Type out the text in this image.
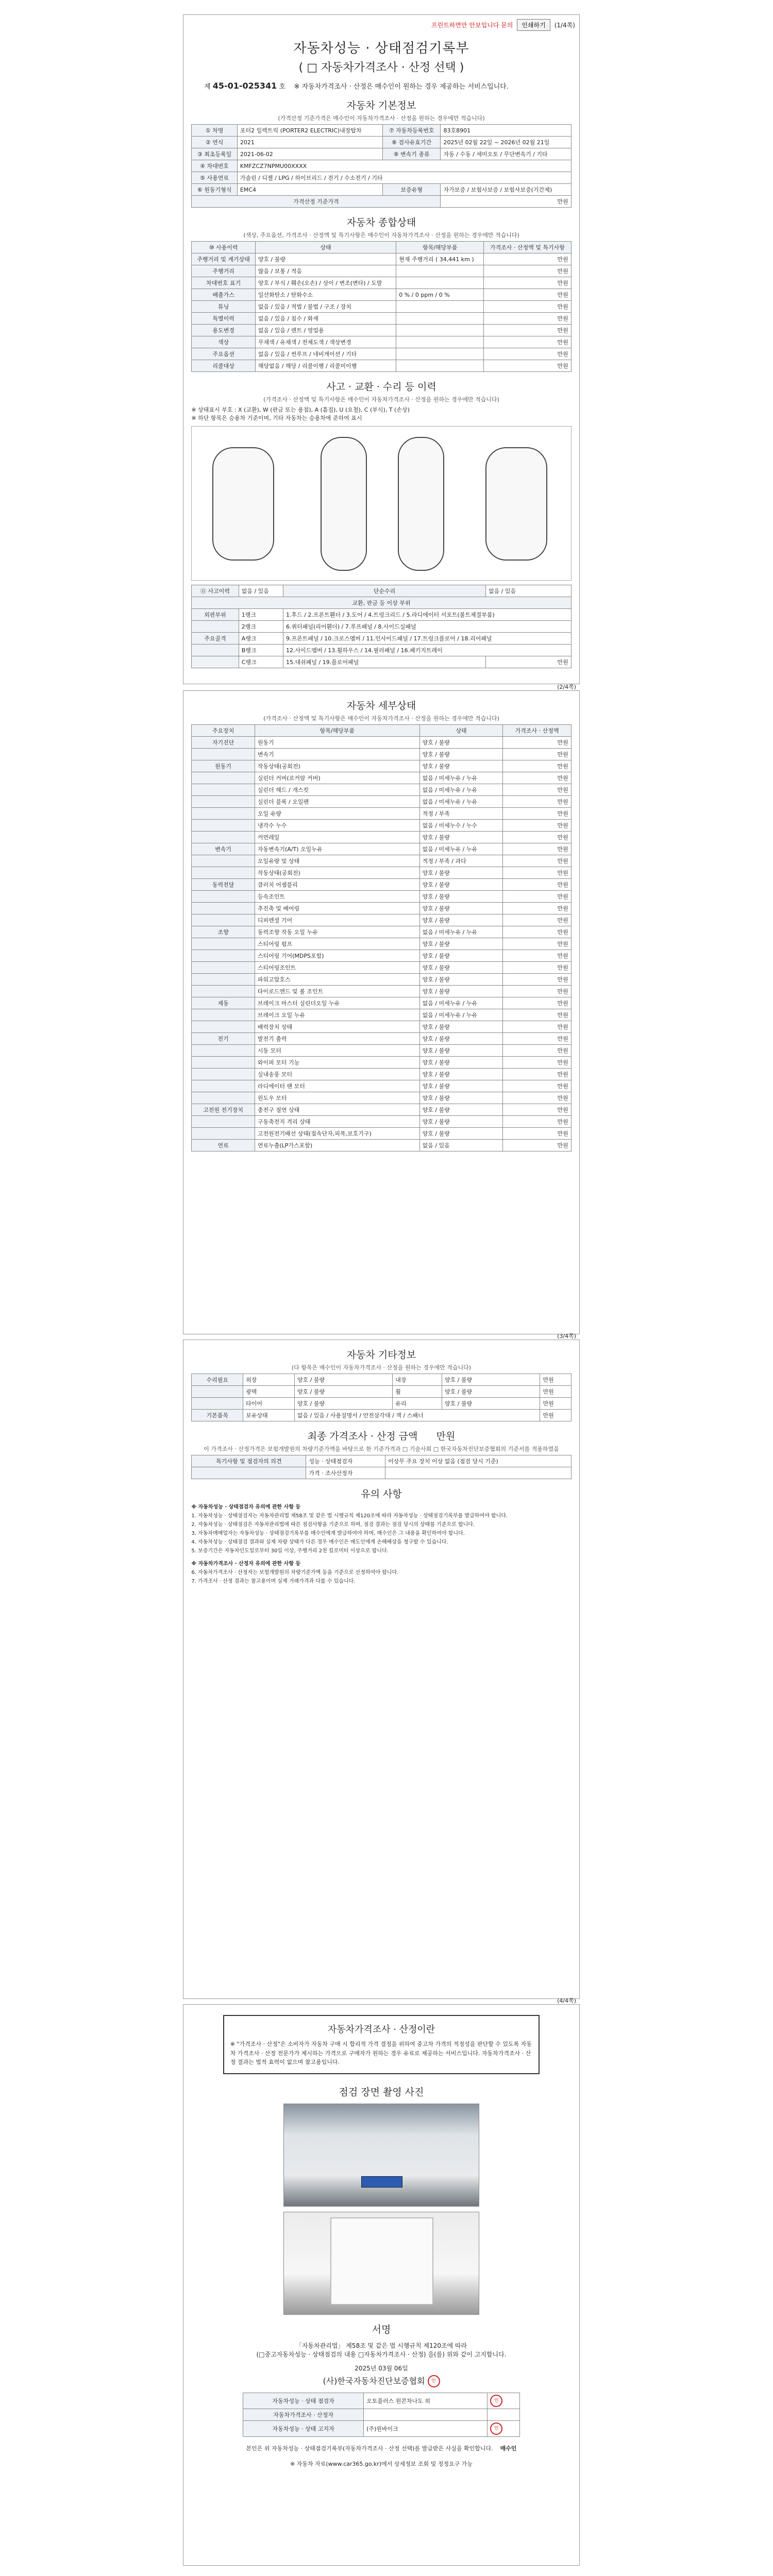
프린트하면만 안보입니다 문의	인쇄하기	(1/4쪽)
자동차성능 · 상태점검기록부
( □ 자동차가격조사 · 산정 선택 )
제 45-01-025341 호 ※ 자동차가격조사 · 산정은 매수인이 원하는 경우 제공하는 서비스입니다.
자동차 기본정보
(가격산정 기준가격은 매수인이 자동차가격조사 · 산정을 원하는 경우에만 적습니다)
① 차명	포터2 일렉트릭 (PORTER2 ELECTRIC)내장탑차	⑦ 자동차등록번호	83호8901
② 연식	2021	⑧ 검사유효기간	2025년 02월 22일 ~ 2026년 02월 21일
③ 최초등록일	2021-06-02	⑨ 변속기 종류	자동 / 수동 / 세미오토 / 무단변속기 / 기타
④ 차대번호	KMFZCZ7NPMU00XXXX		
⑤ 사용연료	가솔린 / 디젤 / LPG / 하이브리드 / 전기 / 수소전기 / 기타		
⑥ 원동기형식	EMC4	보증유형	자가보증 / 보험사보증 / 보험사보증(기간제)
가격산정 기준가격			만원
자동차 종합상태
(색상, 주요옵션, 가격조사 · 산정액 및 특기사항은 매수인이 자동차가격조사 · 산정을 원하는 경우에만 적습니다)
⑩ 사용이력	상태	항목/해당부품	가격조사 · 산정액 및 특기사항
주행거리 및 계기상태	양호 / 불량	현재 주행거리 ( 34,441 km )	만원
주행거리	많음 / 보통 / 적음		만원
차대번호 표기	양호 / 부식 / 훼손(오손) / 상이 / 변조(변타) / 도말		만원
배출가스	일산화탄소 / 탄화수소	0 % / 0 ppm / 0 %	만원
튜닝	없음 / 있음 / 적법 / 불법 / 구조 / 장치		만원
특별이력	없음 / 있음 / 침수 / 화재		만원
용도변경	없음 / 있음 / 렌트 / 영업용		만원
색상	무채색 / 유채색 / 전체도색 / 색상변경		만원
주요옵션	없음 / 있음 / 썬루프 / 네비게이션 / 기타		만원
리콜대상	해당없음 / 해당 / 리콜이행 / 리콜미이행		만원
사고 · 교환 · 수리 등 이력
(가격조사 · 산정액 및 특기사항은 매수인이 자동차가격조사 · 산정을 원하는 경우에만 적습니다)
※ 상태표시 부호 : X (교환), W (판금 또는 용접), A (흠집), U (요철), C (부식), T (손상)
※ 하단 항목은 승용차 기준이며, 기타 자동차는 승용차에 준하여 표시
⑪ 사고이력	없음 / 있음	단순수리	없음 / 있음
교환, 판금 등 이상 부위			
외판부위	1랭크	1.후드 / 2.프론트휀더 / 3.도어 / 4.트렁크리드 / 5.라디에이터 서포트(볼트체결부품)	
	2랭크	6.쿼터패널(리어휀더) / 7.루프패널 / 8.사이드실패널	
주요골격	A랭크	9.프론트패널 / 10.크로스멤버 / 11.인사이드패널 / 17.트렁크플로어 / 18.리어패널	
	B랭크	12.사이드멤버 / 13.휠하우스 / 14.필러패널 / 16.패키지트레이	
	C랭크	15.대쉬패널 / 19.플로어패널	만원
(2/4쪽)
자동차 세부상태
(가격조사 · 산정액 및 특기사항은 매수인이 자동차가격조사 · 산정을 원하는 경우에만 적습니다)
주요장치	항목/해당부품	상태	가격조사 · 산정액
자기진단	원동기	양호 / 불량	만원
	변속기	양호 / 불량	만원
원동기	작동상태(공회전)	양호 / 불량	만원
	실린더 커버(로커암 커버)	없음 / 미세누유 / 누유	만원
	실린더 헤드 / 개스킷	없음 / 미세누유 / 누유	만원
	실린더 블록 / 오일팬	없음 / 미세누유 / 누유	만원
	오일 유량	적정 / 부족	만원
	냉각수 누수	없음 / 미세누수 / 누수	만원
	커먼레일	양호 / 불량	만원
변속기	자동변속기(A/T) 오일누유	없음 / 미세누유 / 누유	만원
	오일유량 및 상태	적정 / 부족 / 과다	만원
	작동상태(공회전)	양호 / 불량	만원
동력전달	클러치 어셈블리	양호 / 불량	만원
	등속조인트	양호 / 불량	만원
	추진축 및 베어링	양호 / 불량	만원
	디퍼렌셜 기어	양호 / 불량	만원
조향	동력조향 작동 오일 누유	없음 / 미세누유 / 누유	만원
	스티어링 펌프	양호 / 불량	만원
	스티어링 기어(MDPS포함)	양호 / 불량	만원
	스티어링조인트	양호 / 불량	만원
	파워고압호스	양호 / 불량	만원
	타이로드엔드 및 볼 조인트	양호 / 불량	만원
제동	브레이크 마스터 실린더오일 누유	없음 / 미세누유 / 누유	만원
	브레이크 오일 누유	없음 / 미세누유 / 누유	만원
	배력장치 상태	양호 / 불량	만원
전기	발전기 출력	양호 / 불량	만원
	시동 모터	양호 / 불량	만원
	와이퍼 모터 기능	양호 / 불량	만원
	실내송풍 모터	양호 / 불량	만원
	라디에이터 팬 모터	양호 / 불량	만원
	윈도우 모터	양호 / 불량	만원
고전원 전기장치	충전구 절연 상태	양호 / 불량	만원
	구동축전지 격리 상태	양호 / 불량	만원
	고전원전기배선 상태(접속단자,피복,보호기구)	양호 / 불량	만원
연료	연료누출(LP가스포함)	없음 / 있음	만원
(3/4쪽)
자동차 기타정보
(다 항목은 매수인이 자동차가격조사 · 산정을 원하는 경우에만 적습니다)
수리필요	외장	양호 / 불량	내장	양호 / 불량	만원
	광택	양호 / 불량	휠	양호 / 불량	만원
	타이어	양호 / 불량	유리	양호 / 불량	만원
기본품목	보유상태	없음 / 있음 / 사용설명서 / 안전삼각대 / 잭 / 스패너			만원
최종 가격조사 · 산정 금액 만원
이 가격조사 · 산정가격은 보험개발원의 차량기준가액을 바탕으로 한 기준가격과 □ 기술사회 □ 한국자동차진단보증협회의 기준서를 적용하였음
특기사항 및 점검자의 의견	성능 · 상태점검자	이상무 주요 장치 이상 없음 (점검 당시 기준)
	가격 · 조사산정자	
유의 사항

※ 자동차성능 · 상태점검자 유의에 관한 사항 등

1. 자동차성능 · 상태점검자는 자동차관리법 제58조 및 같은 법 시행규칙 제120조에 따라 자동차성능 · 상태점검기록부를 발급하여야 합니다.

2. 자동차성능 · 상태점검은 자동차관리법에 따른 점검사항을 기준으로 하며, 점검 결과는 점검 당시의 상태를 기준으로 합니다.

3. 자동차매매업자는 자동차성능 · 상태점검기록부를 매수인에게 발급하여야 하며, 매수인은 그 내용을 확인하여야 합니다.

4. 자동차성능 · 상태점검 결과와 실제 차량 상태가 다른 경우 매수인은 매도인에게 손해배상을 청구할 수 있습니다.

5. 보증기간은 자동차인도일로부터 30일 이상, 주행거리 2천 킬로미터 이상으로 합니다.

※ 자동차가격조사 · 산정자 유의에 관한 사항 등

6. 자동차가격조사 · 산정자는 보험개발원의 차량기준가액 등을 기준으로 산정하여야 합니다.

7. 가격조사 · 산정 결과는 참고용이며 실제 거래가격과 다를 수 있습니다.

(4/4쪽)
자동차가격조사 · 산정이란
※ "가격조사 · 산정"은 소비자가 자동차 구매 시 합리적 가격 결정을 위하여 중고차 가격의 적정성을 판단할 수 있도록 자동차 가격조사 · 산정 전문가가 제시하는 가격으로 구매자가 원하는 경우 유료로 제공하는 서비스입니다. 자동차가격조사 · 산정 결과는 법적 효력이 없으며 참고용입니다.
점검 장면 촬영 사진
서명
「자동차관리법」 제58조 및 같은 법 시행규칙 제120조에 따라
(□중고자동차성능 · 상태점검의 내용 □자동차가격조사 · 산정) 을(를) 위와 같이 고지합니다.
2025년 03월 06일
(사)한국자동차진단보증협회 인
자동차성능 · 상태 점검자	오토플러스 원콘차나도 외	인
자동차가격조사 · 산정자		
자동차성능 · 상태 고지자	(주)원바이크	인
본인은 위 자동차성능 · 상태점검기록부(자동차가격조사 · 산정 선택)를 발급받은 사실을 확인합니다. 매수인
※ 자동차 자료(www.car365.go.kr)에서 상세정보 조회 및 정정요구 가능
